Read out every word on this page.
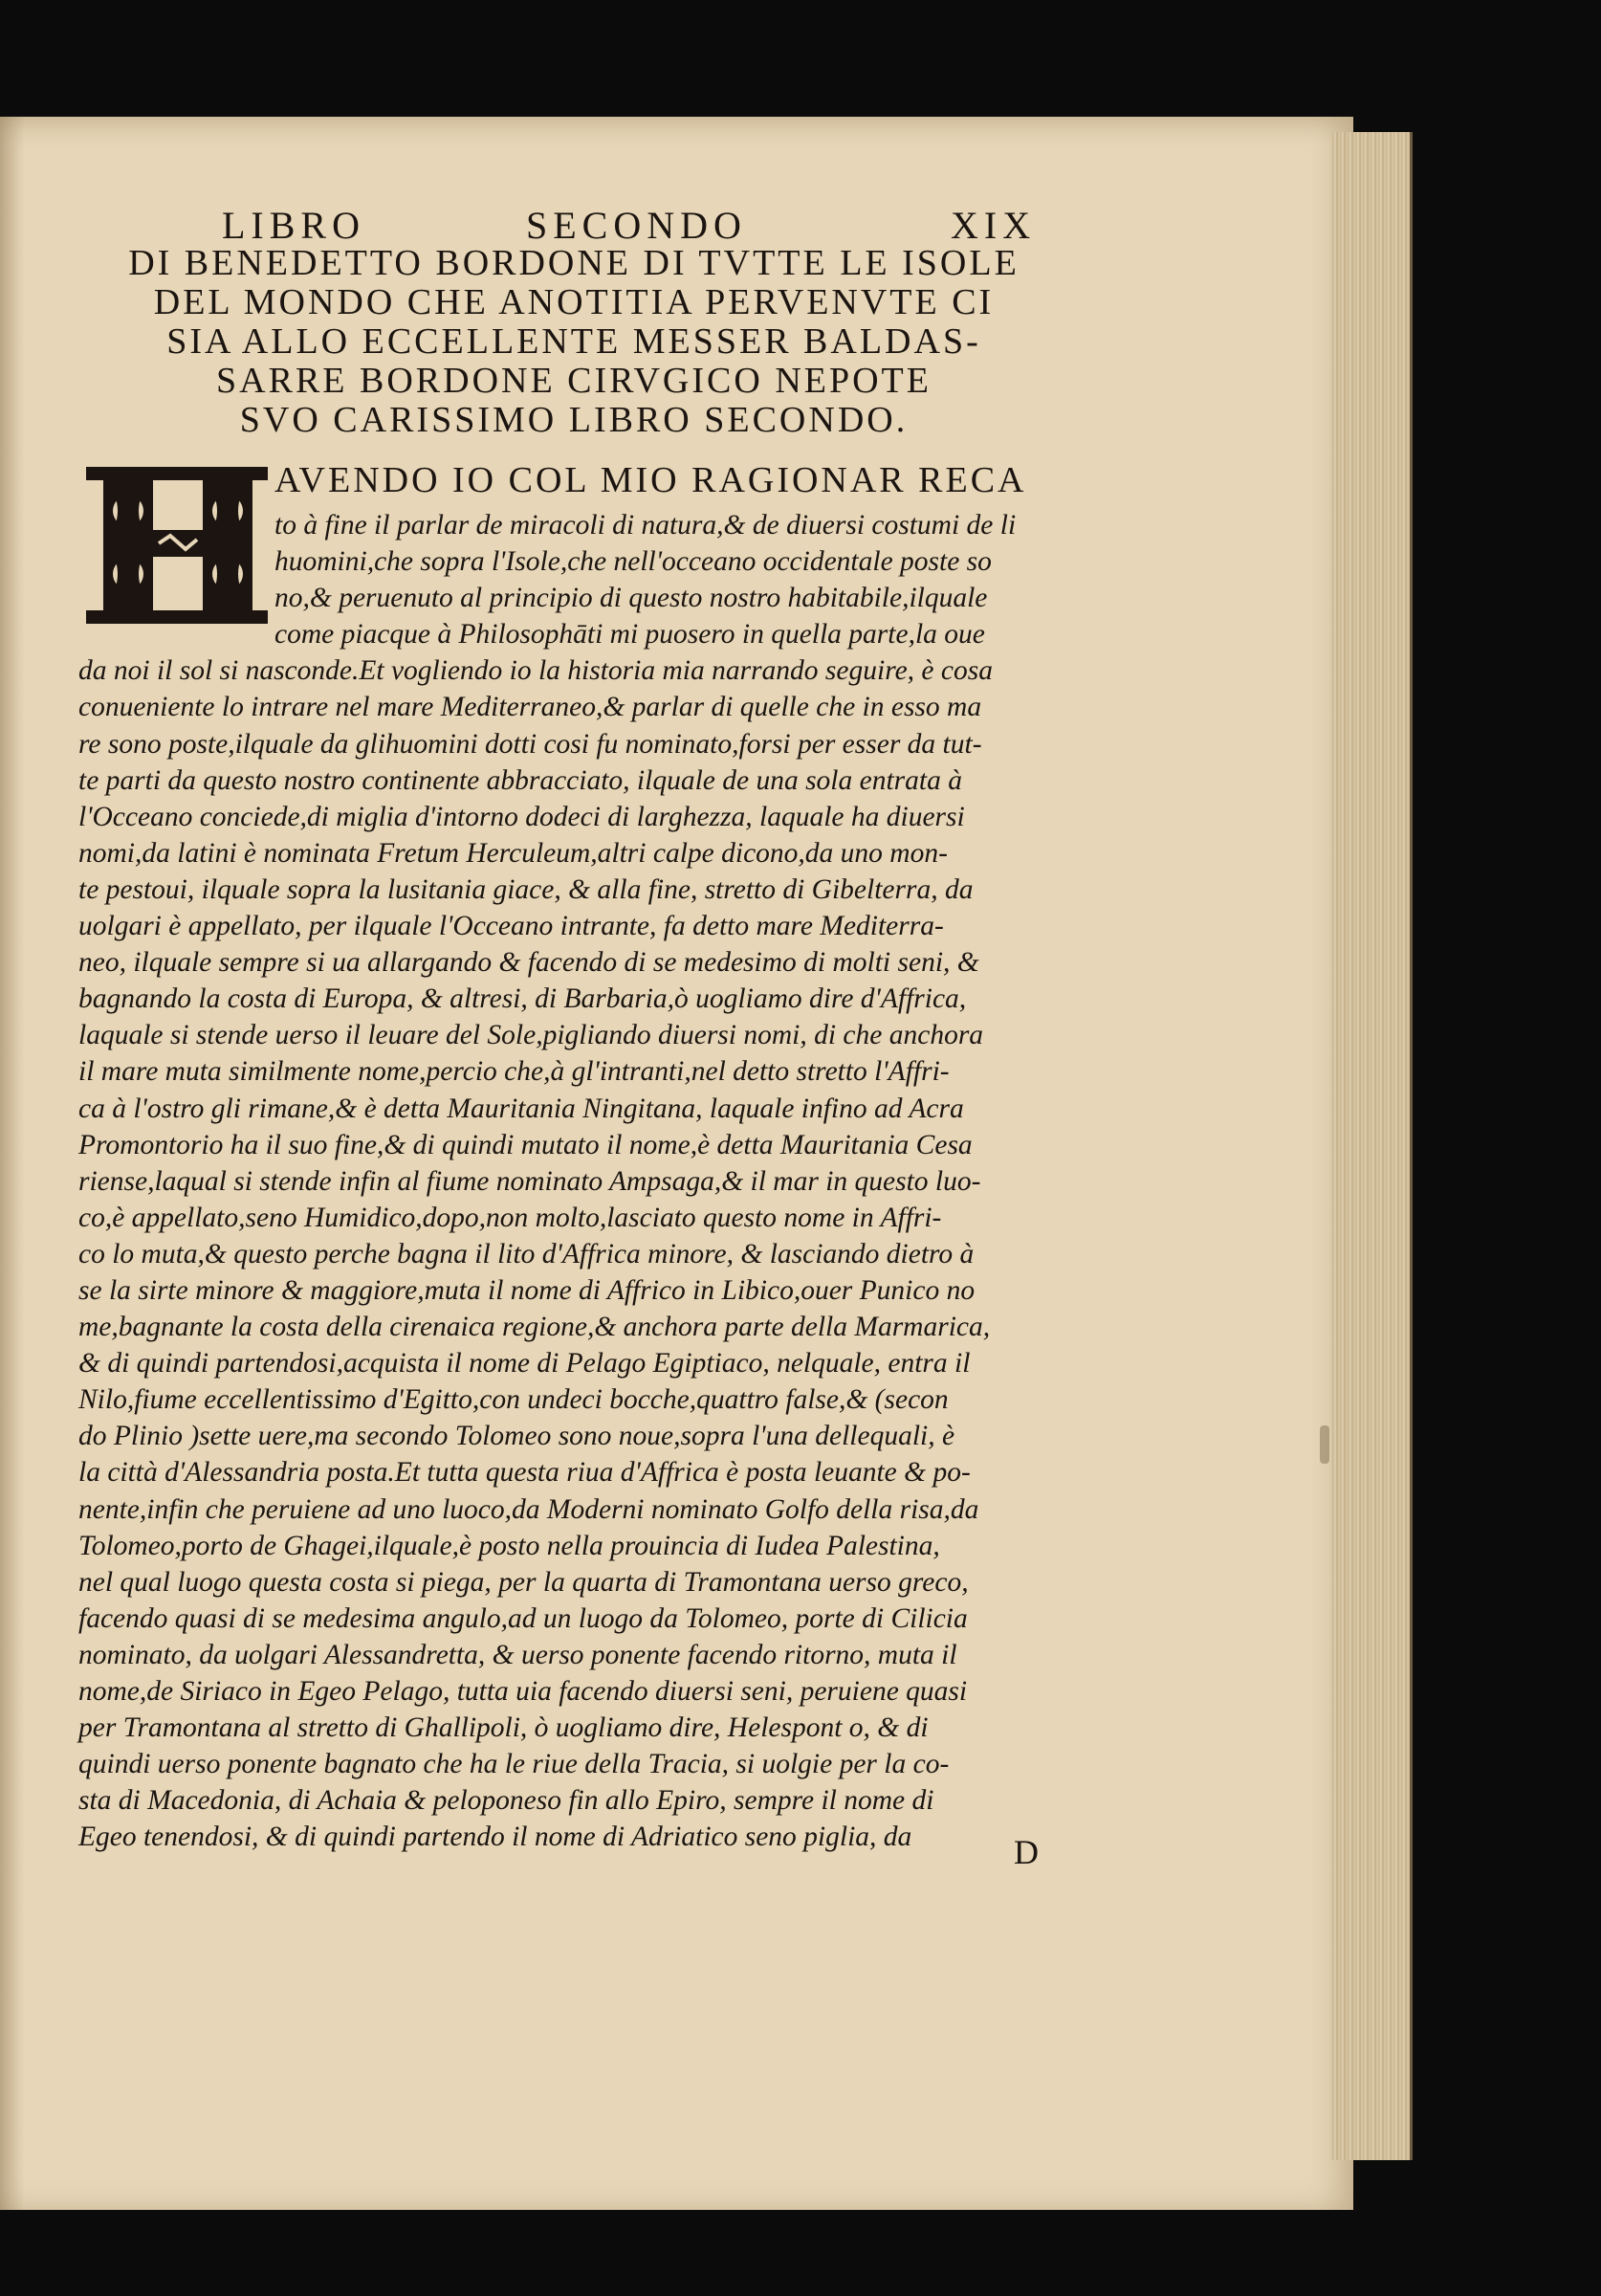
LIBRO	SECONDO	XIX
DI BENEDETTO BORDONE DI TVTTE LE ISOLE
DEL MONDO CHE ANOTITIA PERVENVTE CI
SIA ALLO ECCELLENTE MESSER BALDAS-
SARRE BORDONE CIRVGICO NEPOTE
SVO CARISSIMO LIBRO SECONDO.
AVENDO IO COL MIO RAGIONAR RECA
to à fine il parlar de miracoli di natura,& de diuersi costumi de li
huomini,che sopra l'Isole,che nell'occeano occidentale poste so
no,& peruenuto al principio di questo nostro habitabile,ilquale
come piacque à Philosophāti mi puosero in quella parte,la oue
da noi il sol si nasconde.Et vogliendo io la historia mia narrando seguire, è cosa
conueniente lo intrare nel mare Mediterraneo,& parlar di quelle che in esso ma
re sono poste,ilquale da glihuomini dotti cosi fu nominato,forsi per esser da tut-
te parti da questo nostro continente abbracciato, ilquale de una sola entrata à
l'Occeano conciede,di miglia d'intorno dodeci di larghezza, laquale ha diuersi
nomi,da latini è nominata Fretum Herculeum,altri calpe dicono,da uno mon-
te pestoui, ilquale sopra la lusitania giace, & alla fine, stretto di Gibelterra, da
uolgari è appellato, per ilquale l'Occeano intrante, fa detto mare Mediterra-
neo, ilquale sempre si ua allargando & facendo di se medesimo di molti seni, &
bagnando la costa di Europa, & altresi, di Barbaria,ò uogliamo dire d'Affrica,
laquale si stende uerso il leuare del Sole,pigliando diuersi nomi, di che anchora
il mare muta similmente nome,percio che,à gl'intranti,nel detto stretto l'Affri-
ca à l'ostro gli rimane,& è detta Mauritania Ningitana, laquale infino ad Acra
Promontorio ha il suo fine,& di quindi mutato il nome,è detta Mauritania Cesa
riense,laqual si stende infin al fiume nominato Ampsaga,& il mar in questo luo-
co,è appellato,seno Humidico,dopo,non molto,lasciato questo nome in Affri-
co lo muta,& questo perche bagna il lito d'Affrica minore, & lasciando dietro à
se la sirte minore & maggiore,muta il nome di Affrico in Libico,ouer Punico no
me,bagnante la costa della cirenaica regione,& anchora parte della Marmarica,
& di quindi partendosi,acquista il nome di Pelago Egiptiaco, nelquale, entra il
Nilo,fiume eccellentissimo d'Egitto,con undeci bocche,quattro false,& (secon
do Plinio )sette uere,ma secondo Tolomeo sono noue,sopra l'una dellequali, è
la città d'Alessandria posta.Et tutta questa riua d'Affrica è posta leuante & po-
nente,infin che peruiene ad uno luoco,da Moderni nominato Golfo della risa,da
Tolomeo,porto de Ghagei,ilquale,è posto nella prouincia di Iudea Palestina,
nel qual luogo questa costa si piega, per la quarta di Tramontana uerso greco,
facendo quasi di se medesima angulo,ad un luogo da Tolomeo, porte di Cilicia
nominato, da uolgari Alessandretta, & uerso ponente facendo ritorno, muta il
nome,de Siriaco in Egeo Pelago, tutta uia facendo diuersi seni, peruiene quasi
per Tramontana al stretto di Ghallipoli, ò uogliamo dire, Helespont o, & di
quindi uerso ponente bagnato che ha le riue della Tracia, si uolgie per la co-
sta di Macedonia, di Achaia & peloponeso fin allo Epiro, sempre il nome di
Egeo tenendosi, & di quindi partendo il nome di Adriatico seno piglia, da	D
